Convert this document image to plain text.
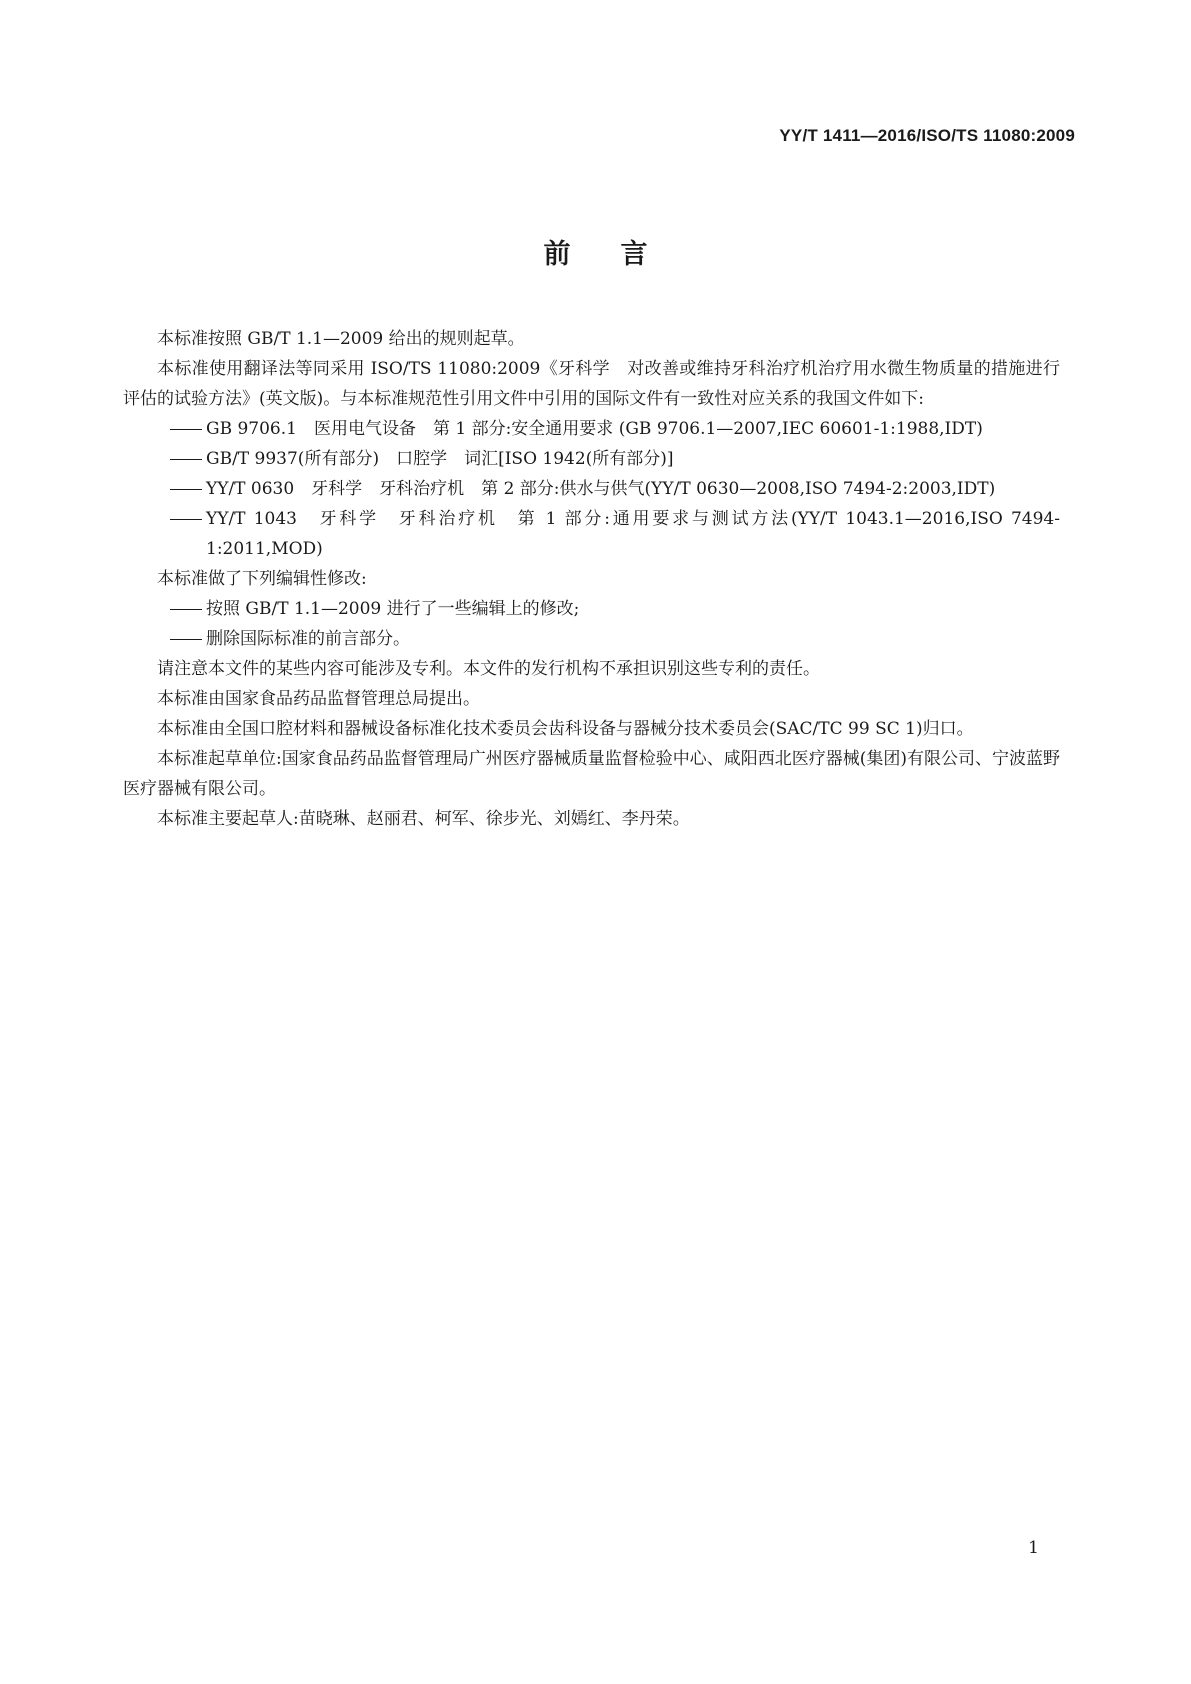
YY/T 1411—2016/ISO/TS 11080:2009
前言

本标准按照 GB/T 1.1—2009 给出的规则起草。

本标准使用翻译法等同采用 ISO/TS 11080:2009《牙科学　对改善或维持牙科治疗机治疗用水微生物质量的措施进行评估的试验方法》(英文版)。与本标准规范性引用文件中引用的国际文件有一致性对应关系的我国文件如下:

GB 9706.1　医用电气设备　第 1 部分:安全通用要求 (GB 9706.1—2007,IEC 60601-1:1988,IDT)

GB/T 9937(所有部分)　口腔学　词汇[ISO 1942(所有部分)]

YY/T 0630　牙科学　牙科治疗机　第 2 部分:供水与供气(YY/T 0630—2008,ISO 7494-2:2003,IDT)

YY/T 1043　牙科学　牙科治疗机　第 1 部分:通用要求与测试方法(YY/T 1043.1—2016,ISO 7494-1:2011,MOD)

本标准做了下列编辑性修改:

按照 GB/T 1.1—2009 进行了一些编辑上的修改;

删除国际标准的前言部分。

请注意本文件的某些内容可能涉及专利。本文件的发行机构不承担识别这些专利的责任。

本标准由国家食品药品监督管理总局提出。

本标准由全国口腔材料和器械设备标准化技术委员会齿科设备与器械分技术委员会(SAC/TC 99 SC 1)归口。

本标准起草单位:国家食品药品监督管理局广州医疗器械质量监督检验中心、咸阳西北医疗器械(集团)有限公司、宁波蓝野医疗器械有限公司。

本标准主要起草人:苗晓琳、赵丽君、柯军、徐步光、刘嫣红、李丹荣。

1
